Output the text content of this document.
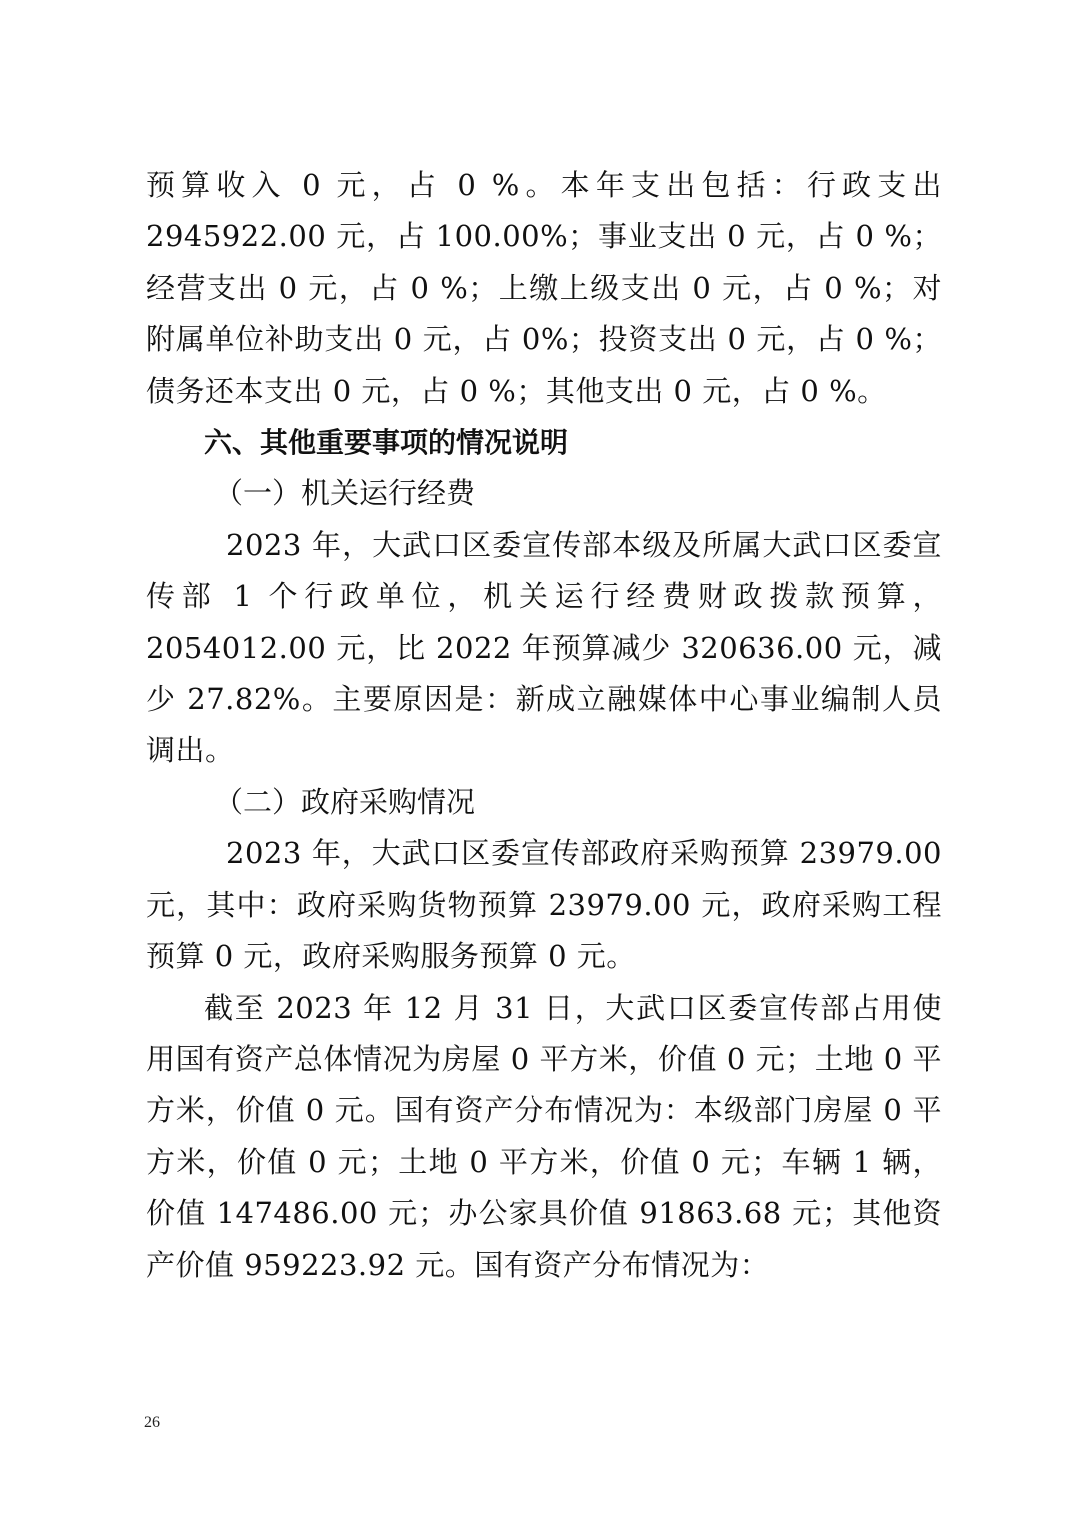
预算收入 0 元，占 0 %。本年支出包括：行政支出 2945922.00 元，占 100.00%；事业支出 0 元，占 0 %；经营支出 0 元，占 0 %；上缴上级支出 0 元，占 0 %；对附属单位补助支出 0 元，占 0%；投资支出 0 元，占 0 %；债务还本支出 0 元，占 0 %；其他支出 0 元，占 0 %。

六、其他重要事项的情况说明

（一）机关运行经费

2023 年，大武口区委宣传部本级及所属大武口区委宣传部 1 个行政单位，机关运行经费财政拨款预算，2054012.00 元，比 2022 年预算减少 320636.00 元，减少 27.82%。主要原因是：新成立融媒体中心事业编制人员调出。

（二）政府采购情况

2023 年，大武口区委宣传部政府采购预算 23979.00 元，其中：政府采购货物预算 23979.00 元，政府采购工程预算 0 元，政府采购服务预算 0 元。

截至 2023 年 12 月 31 日，大武口区委宣传部占用使用国有资产总体情况为房屋 0 平方米，价值 0 元；土地 0 平方米，价值 0 元。国有资产分布情况为：本级部门房屋 0 平方米，价值 0 元；土地 0 平方米，价值 0 元；车辆 1 辆，价值 147486.00 元；办公家具价值 91863.68 元；其他资产价值 959223.92 元。国有资产分布情况为：

26
